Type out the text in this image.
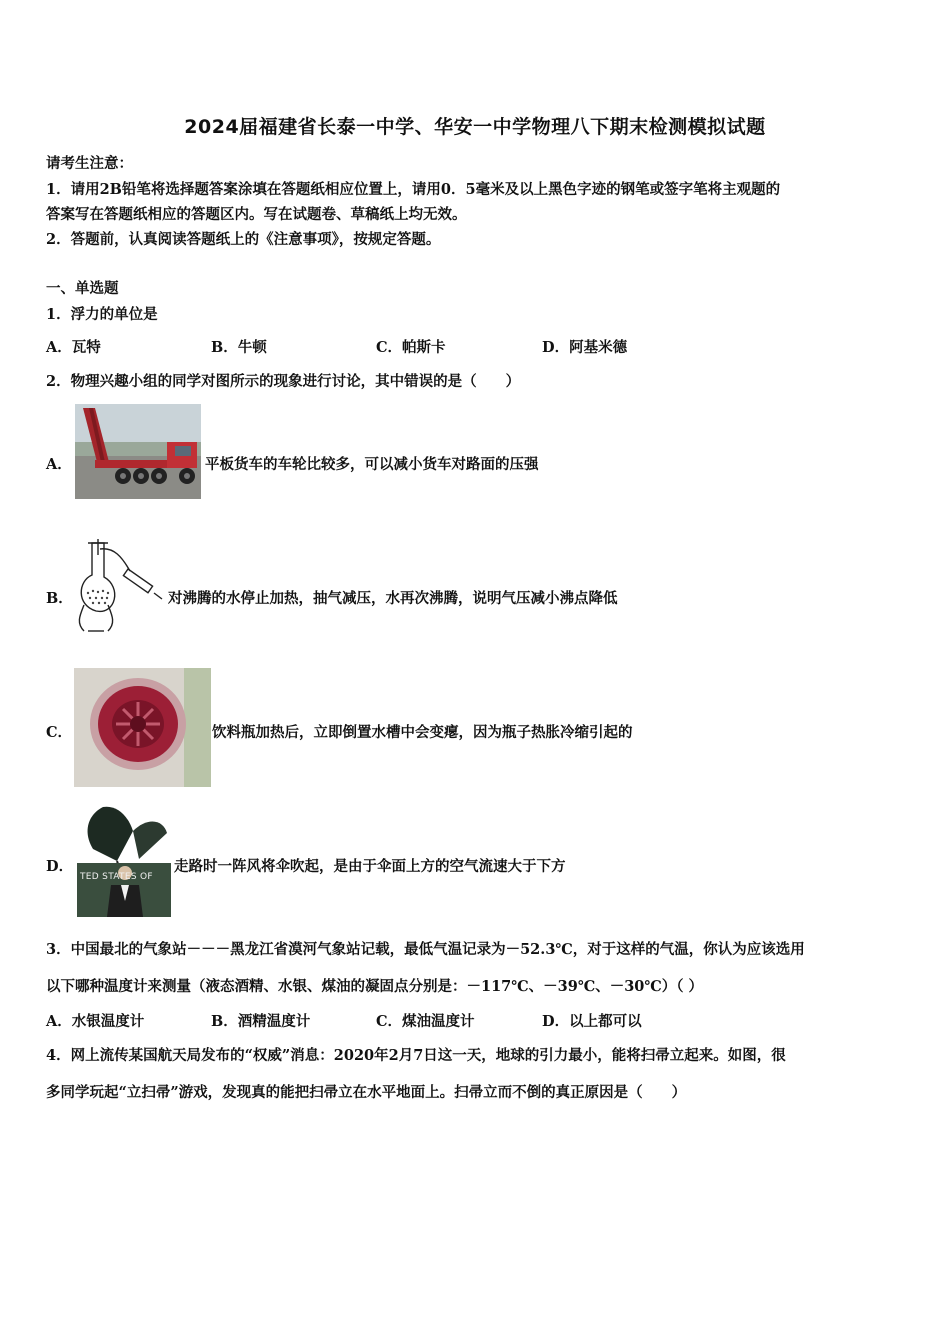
2024届福建省长泰一中学、华安一中学物理八下期末检测模拟试题
请考生注意：
1．请用2B铅笔将选择题答案涂填在答题纸相应位置上，请用0．5毫米及以上黑色字迹的钢笔或签字笔将主观题的
答案写在答题纸相应的答题区内。写在试题卷、草稿纸上均无效。
2．答题前，认真阅读答题纸上的《注意事项》，按规定答题。
一、单选题
1．浮力的单位是
A．瓦特	B．牛顿	C．帕斯卡	D．阿基米德
2．物理兴趣小组的同学对图所示的现象进行讨论，其中错误的是（　　）
A．	平板货车的车轮比较多，可以减小货车对路面的压强
B．	对沸腾的水停止加热，抽气减压，水再次沸腾，说明气压减小沸点降低
C．	饮料瓶加热后，立即倒置水槽中会变瘪，因为瓶子热胀冷缩引起的
D．
TED STATES OF
走路时一阵风将伞吹起，是由于伞面上方的空气流速大于下方
3．中国最北的气象站－－－黑龙江省漠河气象站记载，最低气温记录为－52.3℃，对于这样的气温，你认为应该选用
以下哪种温度计来测量（液态酒精、水银、煤油的凝固点分别是：－117℃、－39℃、－30℃）（ ）
A．水银温度计	B．酒精温度计	C．煤油温度计	D．以上都可以
4．网上流传某国航天局发布的“权威”消息：2020年2月7日这一天，地球的引力最小，能将扫帚立起来。如图，很
多同学玩起“立扫帚”游戏，发现真的能把扫帚立在水平地面上。扫帚立而不倒的真正原因是（　　）
